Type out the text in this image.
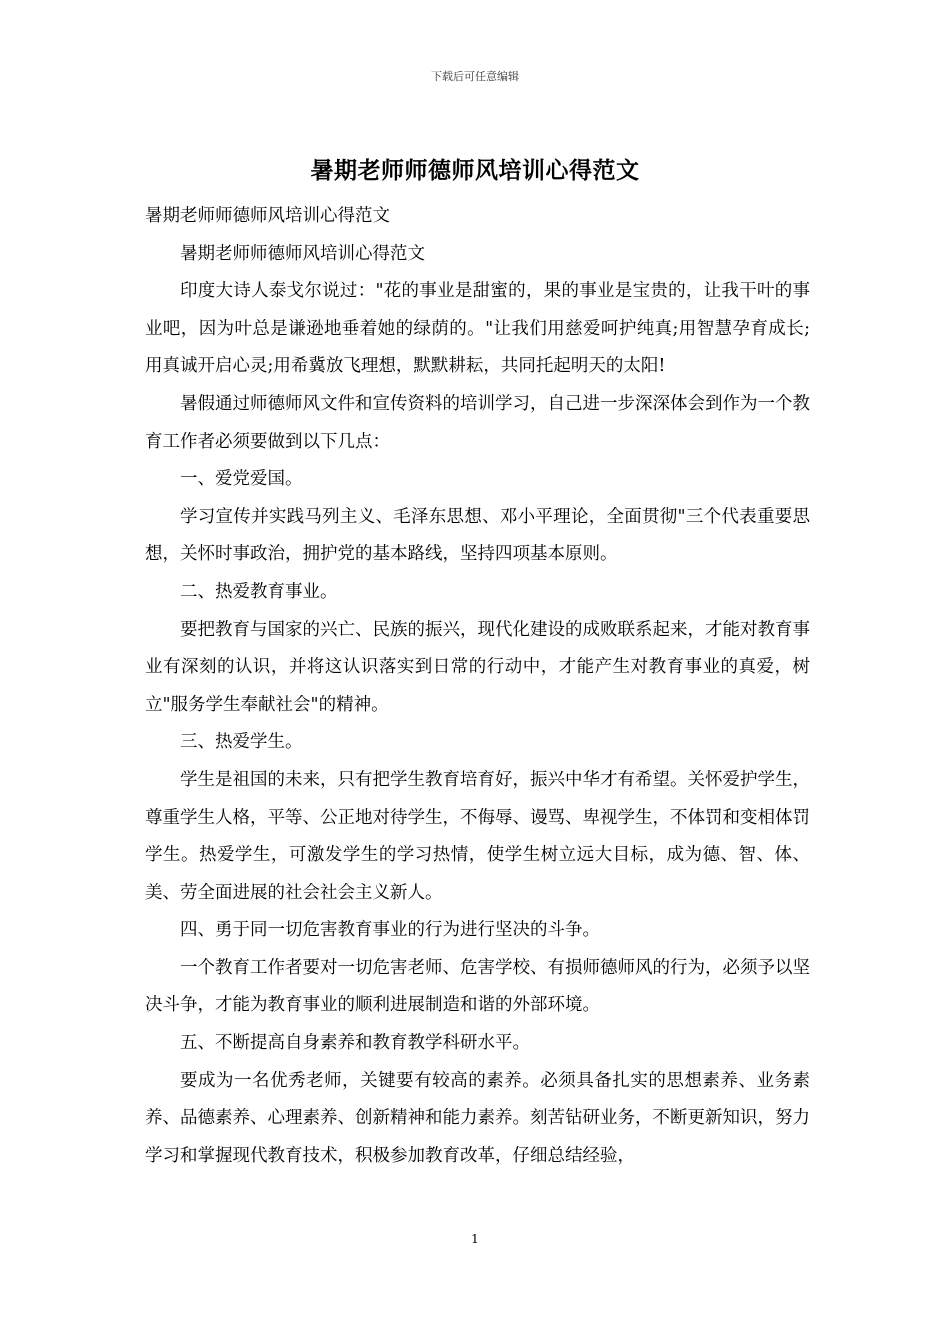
下载后可任意编辑
暑期老师师德师风培训心得范文

暑期老师师德师风培训心得范文

暑期老师师德师风培训心得范文

印度大诗人泰戈尔说过："花的事业是甜蜜的，果的事业是宝贵的，让我干叶的事业吧，因为叶总是谦逊地垂着她的绿荫的。"让我们用慈爱呵护纯真;用智慧孕育成长;用真诚开启心灵;用希冀放飞理想，默默耕耘，共同托起明天的太阳!

暑假通过师德师风文件和宣传资料的培训学习，自己进一步深深体会到作为一个教育工作者必须要做到以下几点：

一、爱党爱国。

学习宣传并实践马列主义、毛泽东思想、邓小平理论，全面贯彻"三个代表重要思想，关怀时事政治，拥护党的基本路线，坚持四项基本原则。

二、热爱教育事业。

要把教育与国家的兴亡、民族的振兴，现代化建设的成败联系起来，才能对教育事业有深刻的认识，并将这认识落实到日常的行动中，才能产生对教育事业的真爱，树立"服务学生奉献社会"的精神。

三、热爱学生。

学生是祖国的未来，只有把学生教育培育好，振兴中华才有希望。关怀爱护学生，尊重学生人格，平等、公正地对待学生，不侮辱、谩骂、卑视学生，不体罚和变相体罚学生。热爱学生，可激发学生的学习热情，使学生树立远大目标，成为德、智、体、美、劳全面进展的社会社会主义新人。

四、勇于同一切危害教育事业的行为进行坚决的斗争。

一个教育工作者要对一切危害老师、危害学校、有损师德师风的行为，必须予以坚决斗争，才能为教育事业的顺利进展制造和谐的外部环境。

五、不断提高自身素养和教育教学科研水平。

要成为一名优秀老师，关键要有较高的素养。必须具备扎实的思想素养、业务素养、品德素养、心理素养、创新精神和能力素养。刻苦钻研业务，不断更新知识，努力学习和掌握现代教育技术，积极参加教育改革，仔细总结经验，

1
